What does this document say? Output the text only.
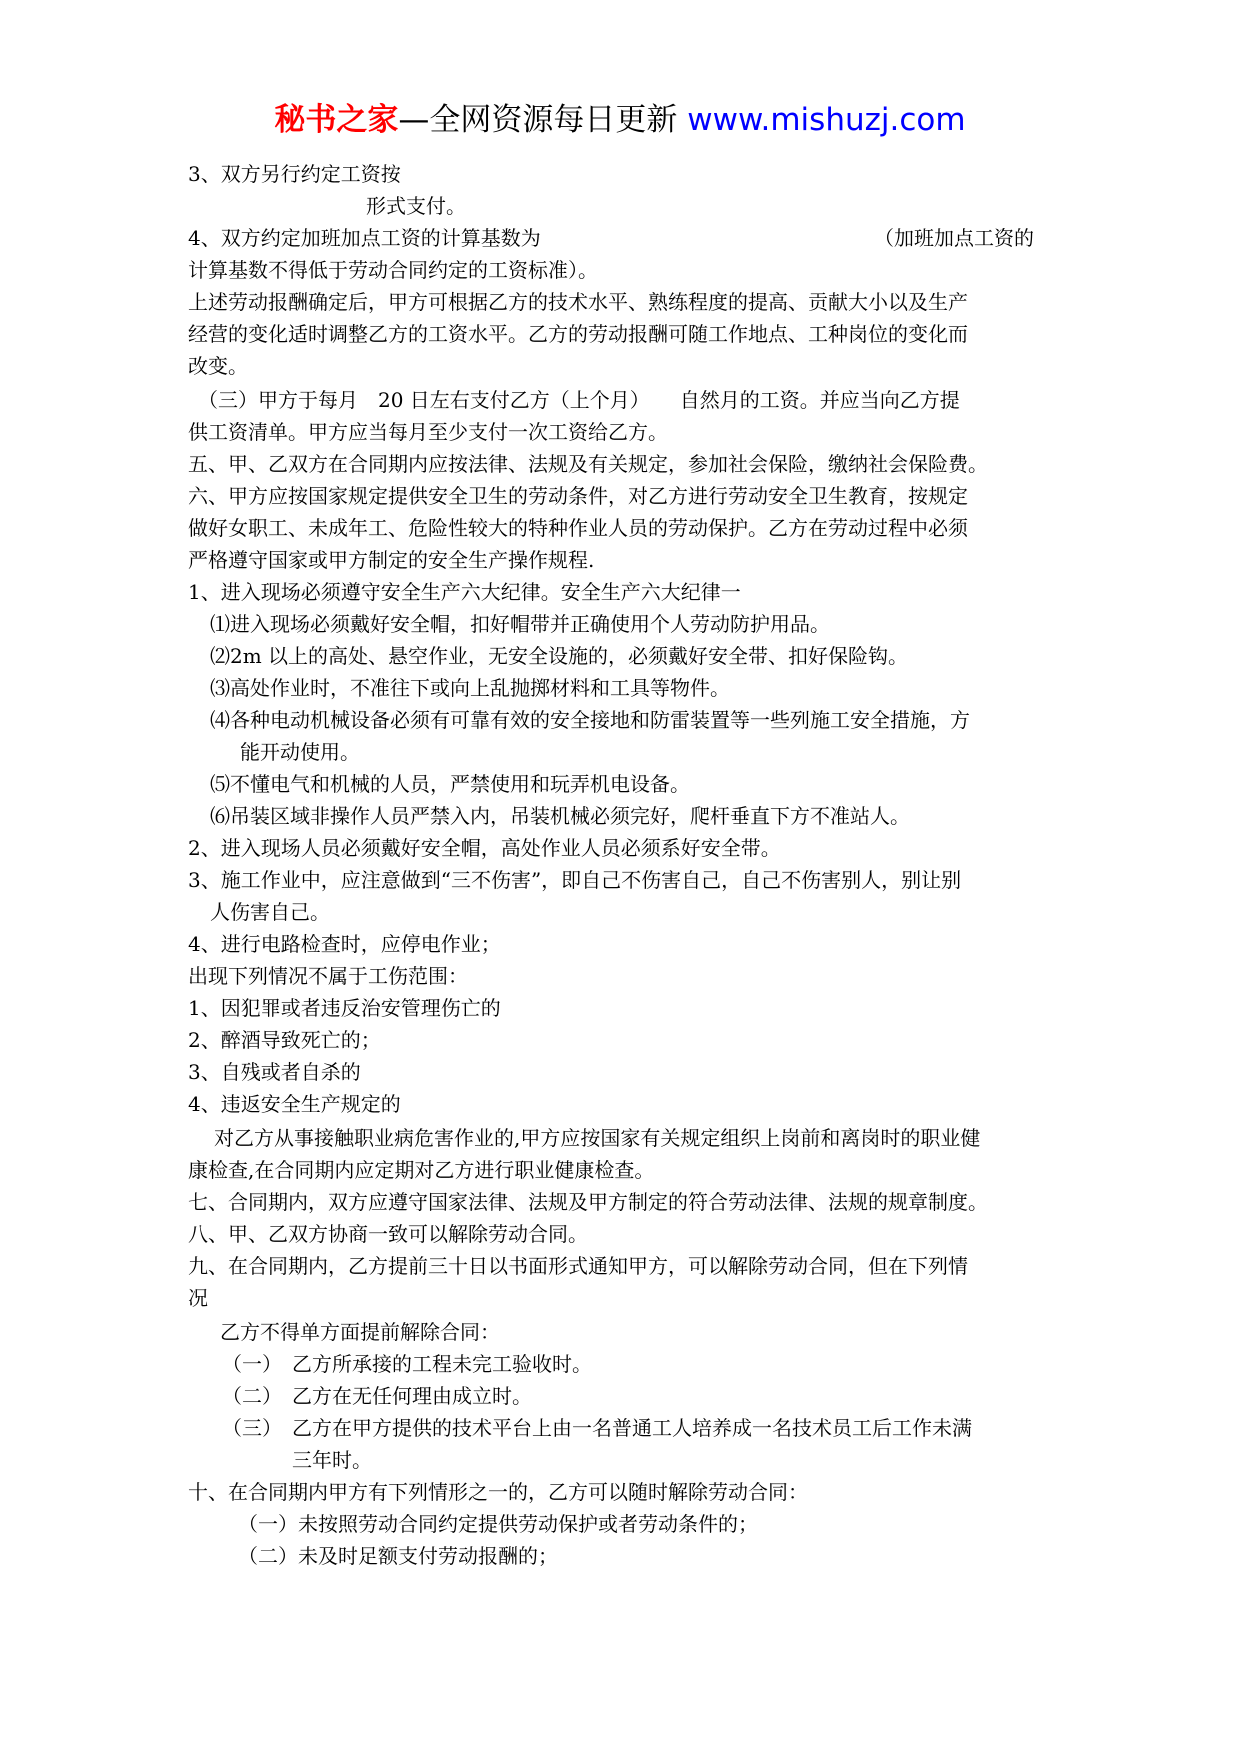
秘书之家—全网资源每日更新 www.mishuzj.com
3、双方另行约定工资按
形式支付。
4、双方约定加班加点工资的计算基数为	（加班加点工资的
计算基数不得低于劳动合同约定的工资标准）。
上述劳动报酬确定后，甲方可根据乙方的技术水平、熟练程度的提高、贡献大小以及生产
经营的变化适时调整乙方的工资水平。乙方的劳动报酬可随工作地点、工种岗位的变化而
改变。
（三）甲方于每月　20 日左右支付乙方（上个月）　　自然月的工资。并应当向乙方提
供工资清单。甲方应当每月至少支付一次工资给乙方。
五、甲、乙双方在合同期内应按法律、法规及有关规定，参加社会保险，缴纳社会保险费。
六、甲方应按国家规定提供安全卫生的劳动条件，对乙方进行劳动安全卫生教育，按规定
做好女职工、未成年工、危险性较大的特种作业人员的劳动保护。乙方在劳动过程中必须
严格遵守国家或甲方制定的安全生产操作规程.
1、进入现场必须遵守安全生产六大纪律。安全生产六大纪律一
⑴进入现场必须戴好安全帽，扣好帽带并正确使用个人劳动防护用品。
⑵2m 以上的高处、悬空作业，无安全设施的，必须戴好安全带、扣好保险钩。
⑶高处作业时，不准往下或向上乱抛掷材料和工具等物件。
⑷各种电动机械设备必须有可靠有效的安全接地和防雷装置等一些列施工安全措施，方
能开动使用。
⑸不懂电气和机械的人员，严禁使用和玩弄机电设备。
⑹吊装区域非操作人员严禁入内，吊装机械必须完好，爬杆垂直下方不准站人。
2、进入现场人员必须戴好安全帽，高处作业人员必须系好安全带。
3、施工作业中，应注意做到“三不伤害”，即自己不伤害自己，自己不伤害别人，别让别
人伤害自己。
4、进行电路检查时，应停电作业；
出现下列情况不属于工伤范围：
1、因犯罪或者违反治安管理伤亡的
2、醉酒导致死亡的；
3、自残或者自杀的
4、违返安全生产规定的
对乙方从事接触职业病危害作业的,甲方应按国家有关规定组织上岗前和离岗时的职业健
康检查,在合同期内应定期对乙方进行职业健康检查。
七、合同期内，双方应遵守国家法律、法规及甲方制定的符合劳动法律、法规的规章制度。
八、甲、乙双方协商一致可以解除劳动合同。
九、在合同期内，乙方提前三十日以书面形式通知甲方，可以解除劳动合同，但在下列情
况
乙方不得单方面提前解除合同：
（一）　乙方所承接的工程未完工验收时。
（二）　乙方在无任何理由成立时。
（三）　乙方在甲方提供的技术平台上由一名普通工人培养成一名技术员工后工作未满
三年时。
十、在合同期内甲方有下列情形之一的，乙方可以随时解除劳动合同：
（一）未按照劳动合同约定提供劳动保护或者劳动条件的；
（二）未及时足额支付劳动报酬的；
